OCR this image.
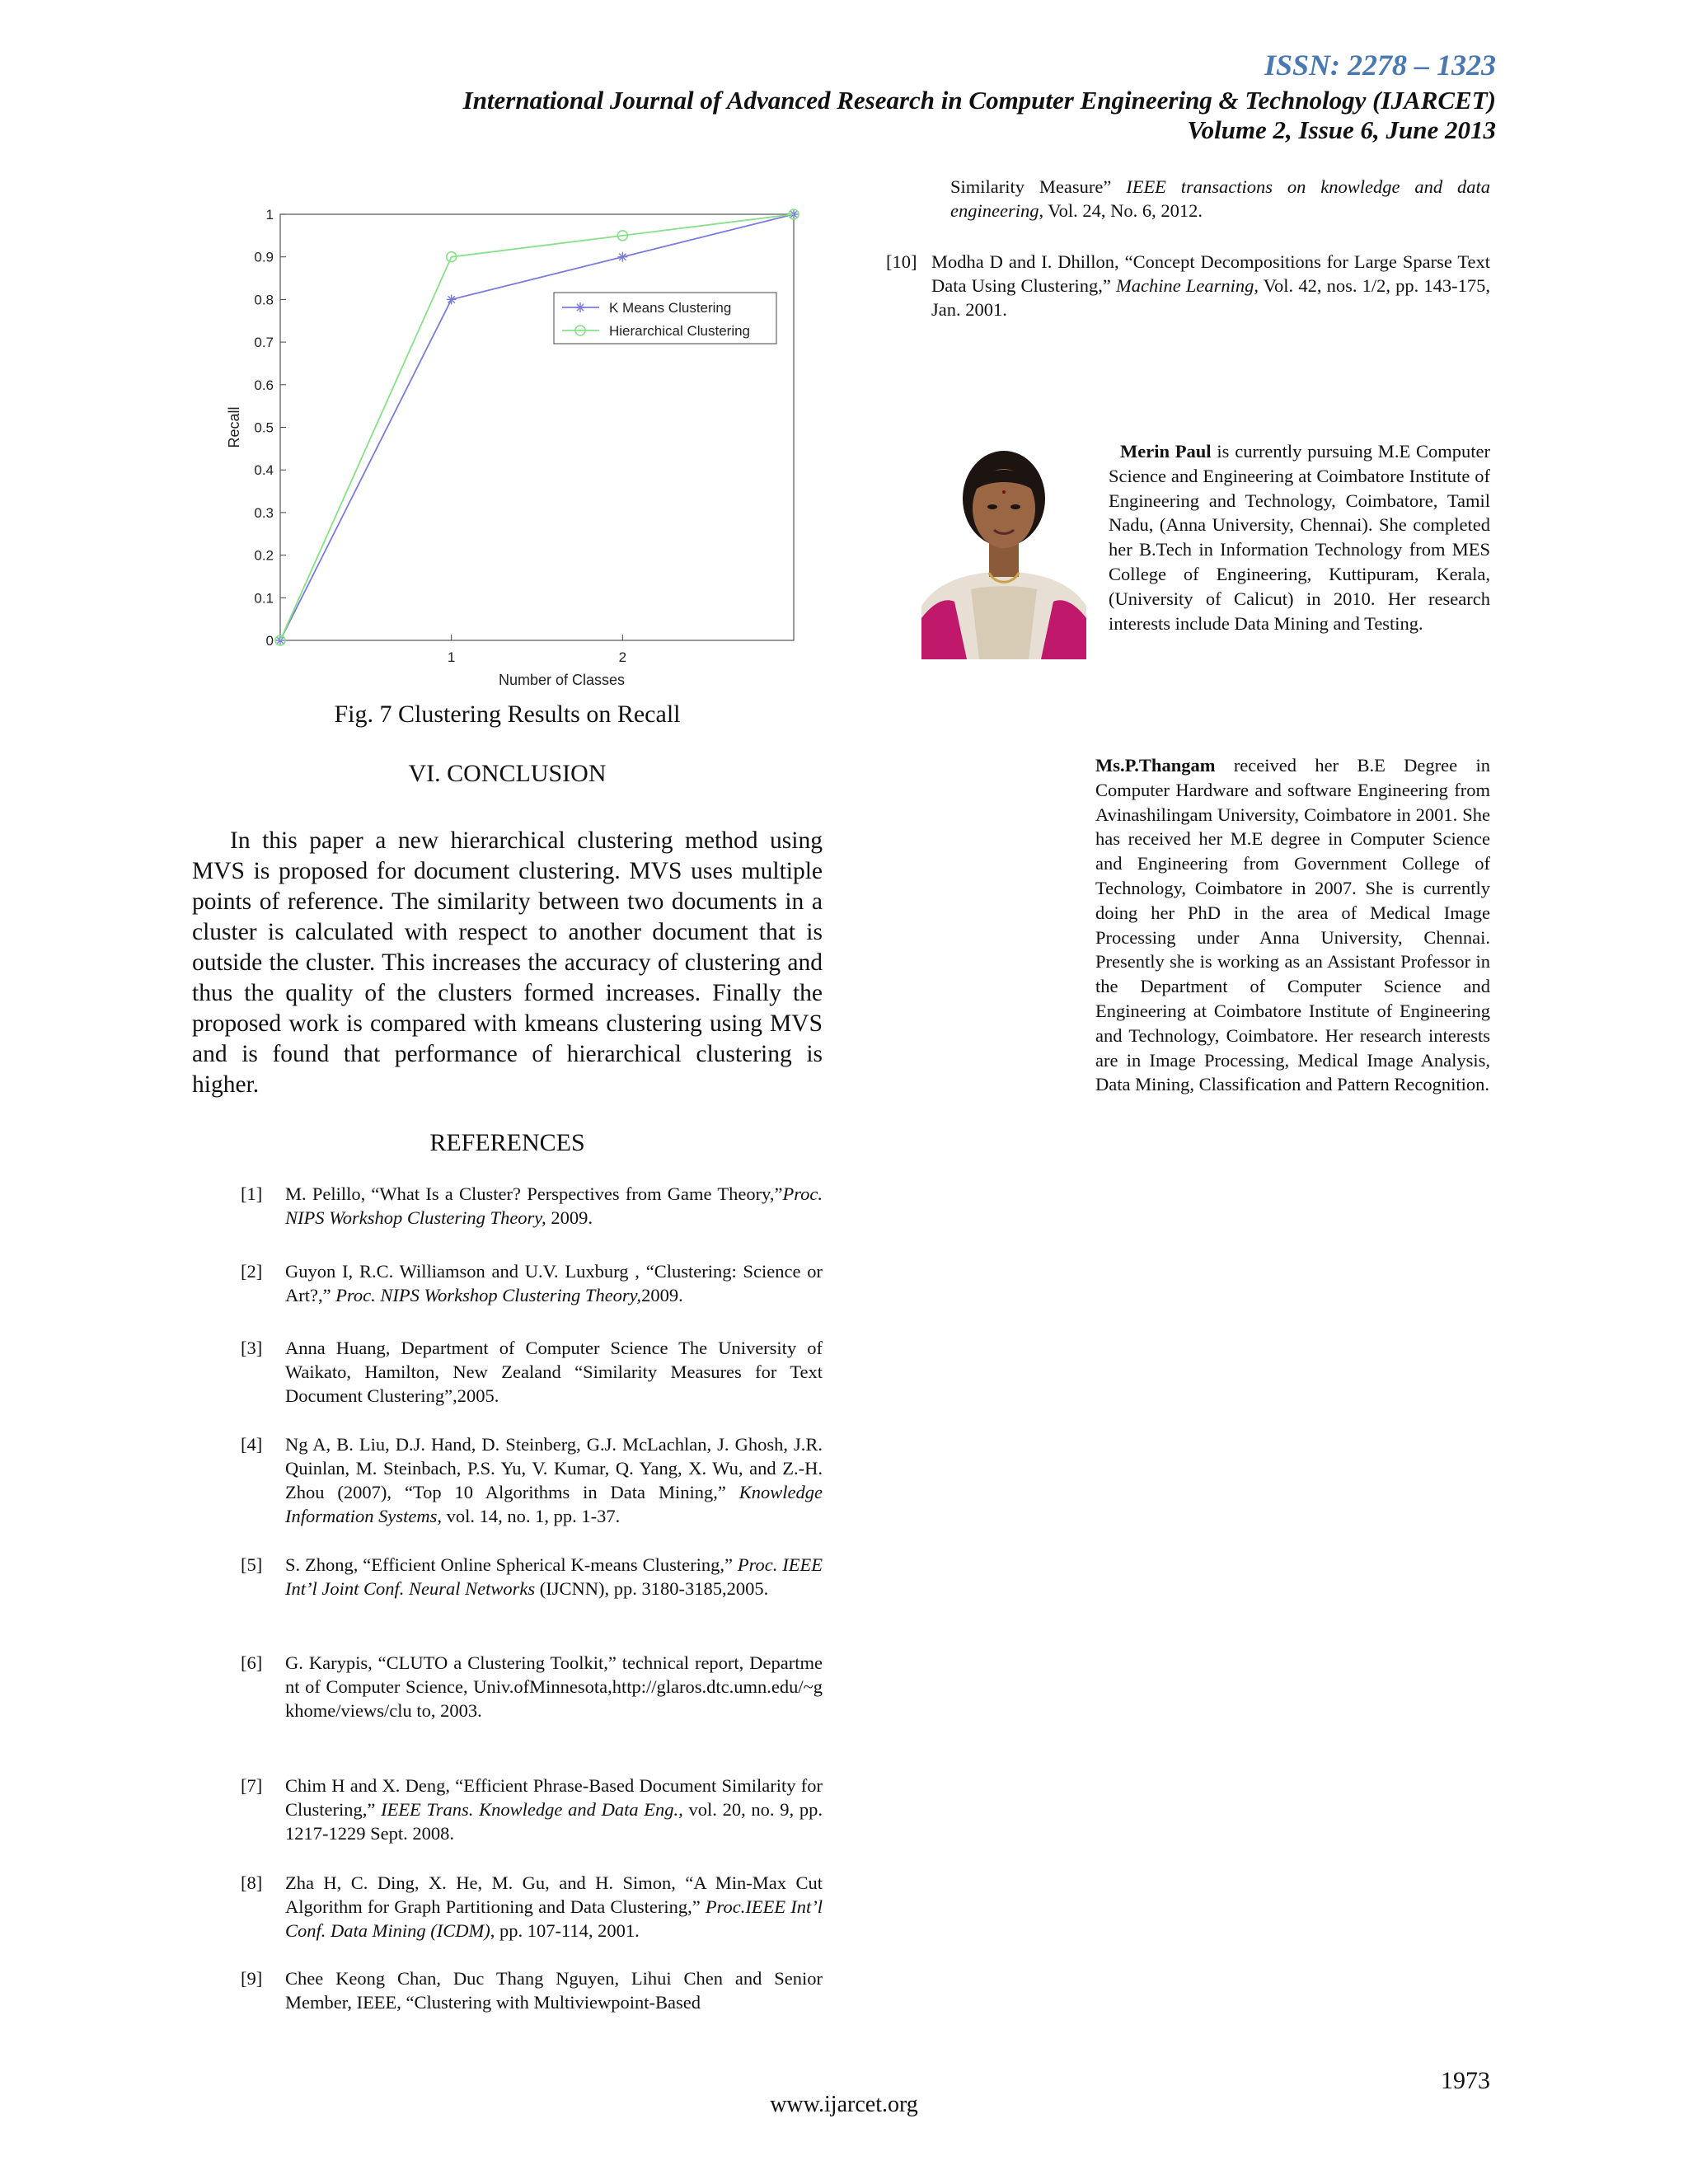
ISSN: 2278 – 1323
International Journal of Advanced Research in Computer Engineering & Technology (IJARCET)
Volume 2, Issue 6, June 2013
0
0.1
0.2
0.3
0.4
0.5
0.6
0.7
0.8
0.9
1
1	2
Number of Classes
Recall
K Means Clustering
Hierarchical Clustering
Fig. 7 Clustering Results on Recall
VI. CONCLUSION

In this paper a new hierarchical clustering method using MVS is proposed for document clustering. MVS uses multiple points of reference. The similarity between two documents in a cluster is calculated with respect to another document that is outside the cluster. This increases the accuracy of clustering and thus the quality of the clusters formed increases. Finally the proposed work is compared with kmeans clustering using MVS and is found that performance of hierarchical clustering is higher.

REFERENCES
[1] M. Pelillo, “What Is a Cluster? Perspectives from Game Theory,”Proc. NIPS Workshop Clustering Theory, 2009.
[2] Guyon I, R.C. Williamson and U.V. Luxburg , “Clustering: Science or Art?,” Proc. NIPS Workshop Clustering Theory,2009.
[3] Anna Huang, Department of Computer Science The University of Waikato, Hamilton, New Zealand “Similarity Measures for Text Document Clustering”,2005.
[4] Ng A, B. Liu, D.J. Hand, D. Steinberg, G.J. McLachlan, J. Ghosh, J.R. Quinlan, M. Steinbach, P.S. Yu, V. Kumar, Q. Yang, X. Wu, and Z.-H. Zhou (2007), “Top 10 Algorithms in Data Mining,” Knowledge Information Systems, vol. 14, no. 1, pp. 1-37.
[5] S. Zhong, “Efficient Online Spherical K-means Clustering,” Proc. IEEE Int’l Joint Conf. Neural Networks (IJCNN), pp. 3180-3185,2005.
[6] G. Karypis, “CLUTO a Clustering Toolkit,” technical report, Department of Computer Science, Univ.ofMinnesota,http://glaros.dtc.umn.edu/~gkhome/views/clu to, 2003.
[7] Chim H and X. Deng, “Efficient Phrase-Based Document Similarity for Clustering,” IEEE Trans. Knowledge and Data Eng., vol. 20, no. 9, pp. 1217-1229 Sept. 2008.
[8] Zha H, C. Ding, X. He, M. Gu, and H. Simon, “A Min-Max Cut Algorithm for Graph Partitioning and Data Clustering,” Proc.IEEE Int’l Conf. Data Mining (ICDM), pp. 107-114, 2001.
[9] Chee Keong Chan, Duc Thang Nguyen, Lihui Chen and Senior Member, IEEE, “Clustering with Multiviewpoint-Based
Similarity Measure” IEEE transactions on knowledge and data engineering, Vol. 24, No. 6, 2012.
[10] Modha D and I. Dhillon, “Concept Decompositions for Large Sparse Text Data Using Clustering,” Machine Learning, Vol. 42, nos. 1/2, pp. 143-175, Jan. 2001.
Merin Paul is currently pursuing M.E Computer Science and Engineering at Coimbatore Institute of Engineering and Technology, Coimbatore, Tamil Nadu, (Anna University, Chennai). She completed her B.Tech in Information Technology from MES College of Engineering, Kuttipuram, Kerala, (University of Calicut) in 2010. Her research interests include Data Mining and Testing.
Ms.P.Thangam received her B.E Degree in Computer Hardware and software Engineering from Avinashilingam University, Coimbatore in 2001. She has received her M.E degree in Computer Science and Engineering from Government College of Technology, Coimbatore in 2007. She is currently doing her PhD in the area of Medical Image Processing under Anna University, Chennai. Presently she is working as an Assistant Professor in the Department of Computer Science and Engineering at Coimbatore Institute of Engineering and Technology, Coimbatore. Her research interests are in Image Processing, Medical Image Analysis, Data Mining, Classification and Pattern Recognition.
1973
www.ijarcet.org
